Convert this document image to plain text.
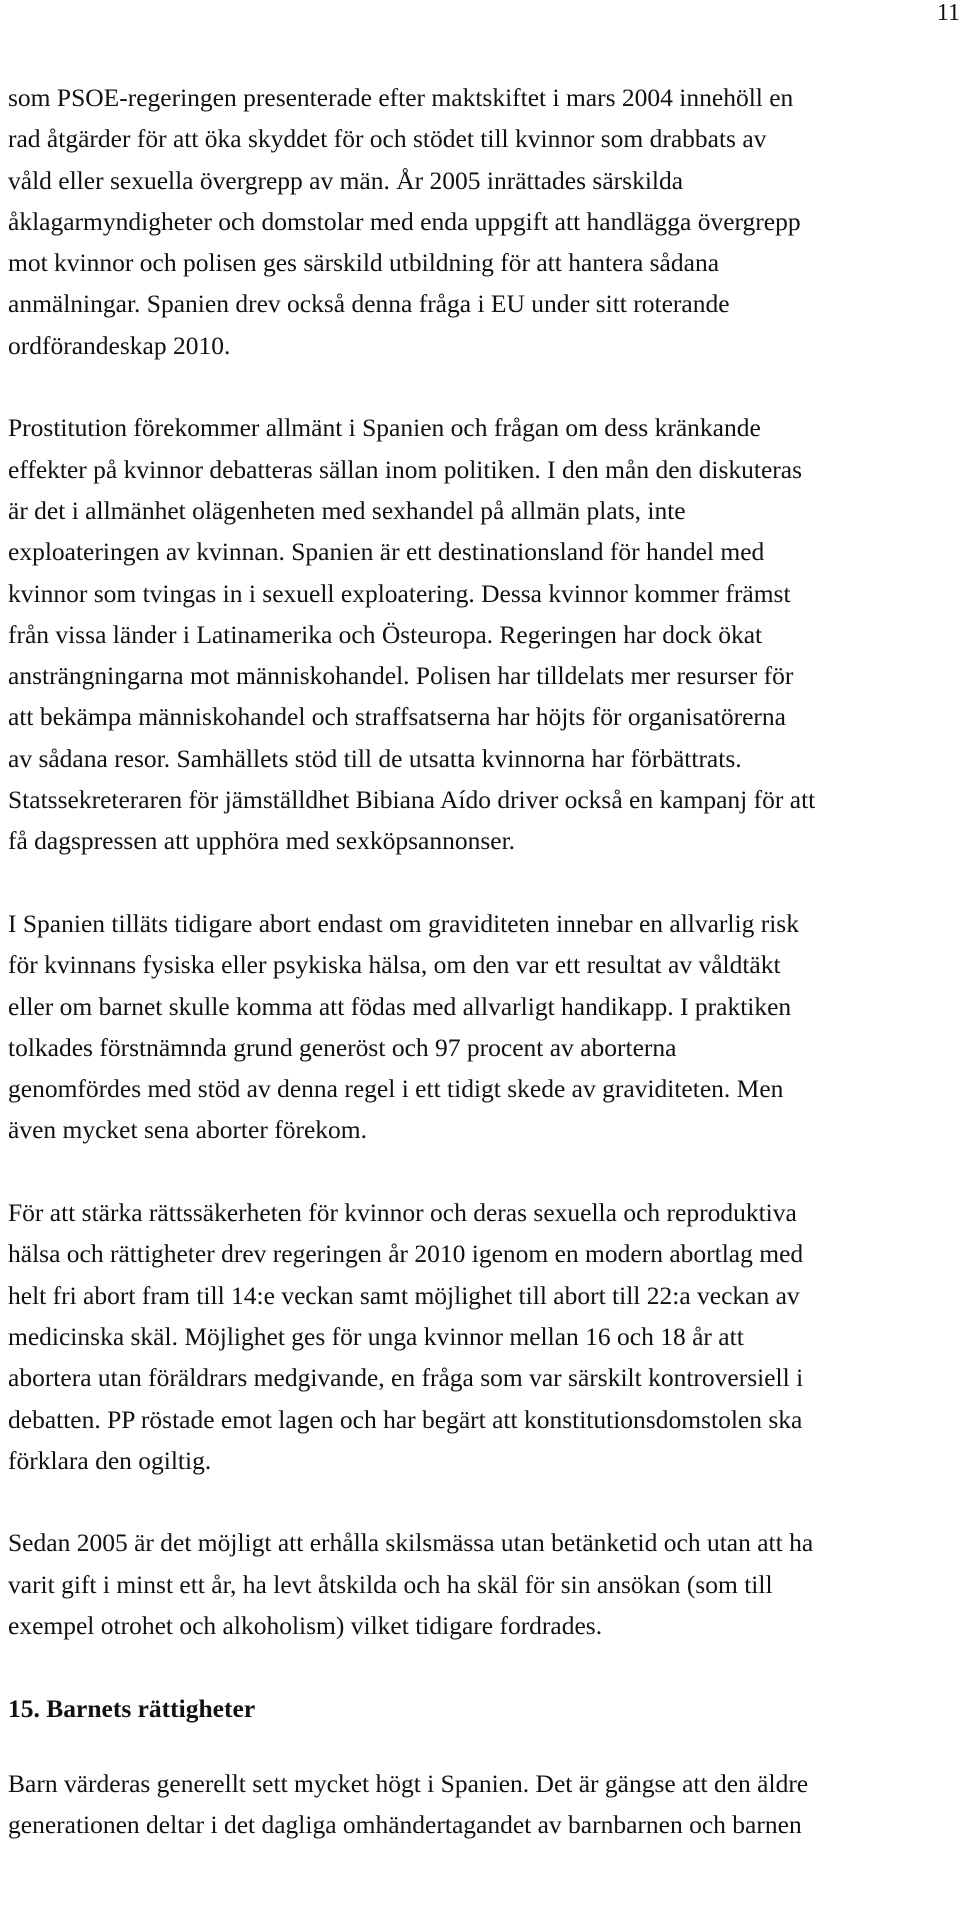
11

som PSOE-regeringen presenterade efter maktskiftet i mars 2004 innehöll en
rad åtgärder för att öka skyddet för och stödet till kvinnor som drabbats av
våld eller sexuella övergrepp av män. År 2005 inrättades särskilda
åklagarmyndigheter och domstolar med enda uppgift att handlägga övergrepp
mot kvinnor och polisen ges särskild utbildning för att hantera sådana
anmälningar. Spanien drev också denna fråga i EU under sitt roterande
ordförandeskap 2010.

Prostitution förekommer allmänt i Spanien och frågan om dess kränkande
effekter på kvinnor debatteras sällan inom politiken. I den mån den diskuteras
är det i allmänhet olägenheten med sexhandel på allmän plats, inte
exploateringen av kvinnan. Spanien är ett destinationsland för handel med
kvinnor som tvingas in i sexuell exploatering. Dessa kvinnor kommer främst
från vissa länder i Latinamerika och Östeuropa. Regeringen har dock ökat
ansträngningarna mot människohandel. Polisen har tilldelats mer resurser för
att bekämpa människohandel och straffsatserna har höjts för organisatörerna
av sådana resor. Samhällets stöd till de utsatta kvinnorna har förbättrats.
Statssekreteraren för jämställdhet Bibiana Aído driver också en kampanj för att
få dagspressen att upphöra med sexköpsannonser.

I Spanien tilläts tidigare abort endast om graviditeten innebar en allvarlig risk
för kvinnans fysiska eller psykiska hälsa, om den var ett resultat av våldtäkt
eller om barnet skulle komma att födas med allvarligt handikapp. I praktiken
tolkades förstnämnda grund generöst och 97 procent av aborterna
genomfördes med stöd av denna regel i ett tidigt skede av graviditeten. Men
även mycket sena aborter förekom.

För att stärka rättssäkerheten för kvinnor och deras sexuella och reproduktiva
hälsa och rättigheter drev regeringen år 2010 igenom en modern abortlag med
helt fri abort fram till 14:e veckan samt möjlighet till abort till 22:a veckan av
medicinska skäl. Möjlighet ges för unga kvinnor mellan 16 och 18 år att
abortera utan föräldrars medgivande, en fråga som var särskilt kontroversiell i
debatten. PP röstade emot lagen och har begärt att konstitutionsdomstolen ska
förklara den ogiltig.

Sedan 2005 är det möjligt att erhålla skilsmässa utan betänketid och utan att ha
varit gift i minst ett år, ha levt åtskilda och ha skäl för sin ansökan (som till
exempel otrohet och alkoholism) vilket tidigare fordrades.

15. Barnets rättigheter

Barn värderas generellt sett mycket högt i Spanien. Det är gängse att den äldre
generationen deltar i det dagliga omhändertagandet av barnbarnen och barnen
